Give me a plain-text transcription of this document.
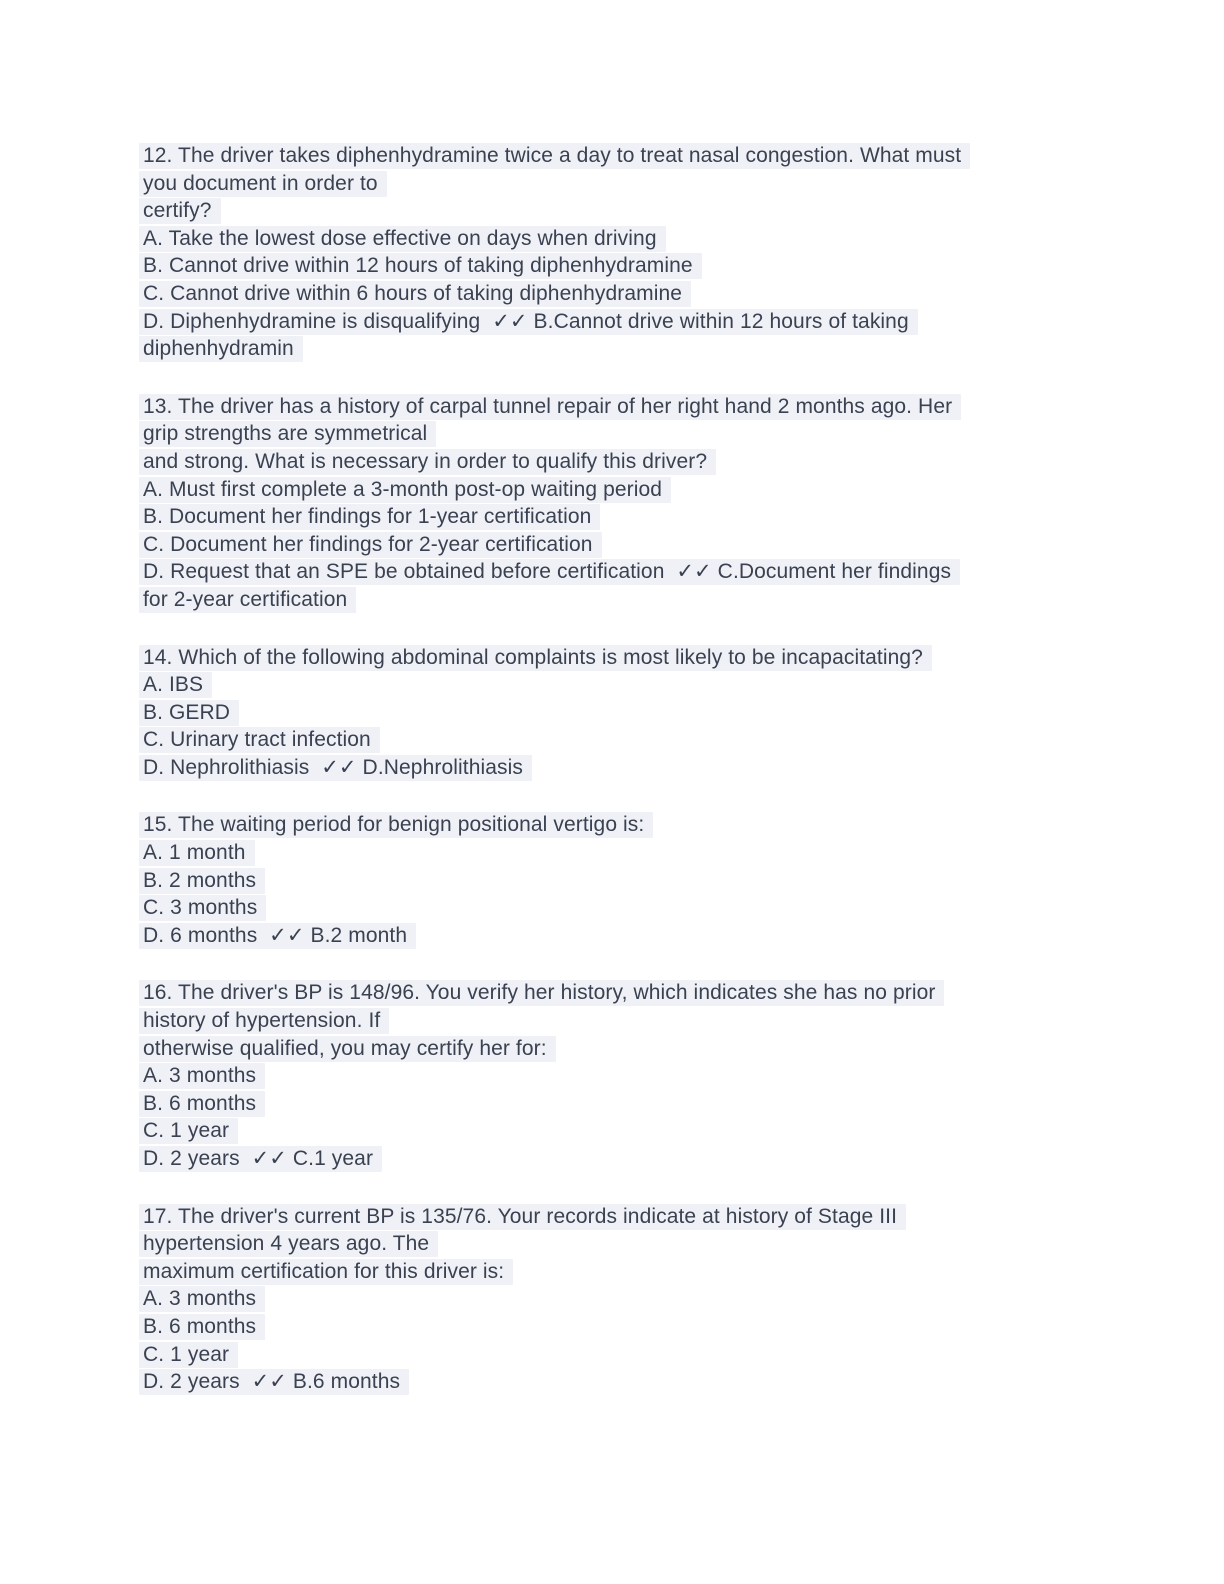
12. The driver takes diphenhydramine twice a day to treat nasal congestion. What must
you document in order to
certify?
A. Take the lowest dose effective on days when driving
B. Cannot drive within 12 hours of taking diphenhydramine
C. Cannot drive within 6 hours of taking diphenhydramine
D. Diphenhydramine is disqualifying  ✓✓ B.Cannot drive within 12 hours of taking
diphenhydramin
13. The driver has a history of carpal tunnel repair of her right hand 2 months ago. Her
grip strengths are symmetrical
and strong. What is necessary in order to qualify this driver?
A. Must first complete a 3-month post-op waiting period
B. Document her findings for 1-year certification
C. Document her findings for 2-year certification
D. Request that an SPE be obtained before certification  ✓✓ C.Document her findings
for 2-year certification
14. Which of the following abdominal complaints is most likely to be incapacitating?
A. IBS
B. GERD
C. Urinary tract infection
D. Nephrolithiasis  ✓✓ D.Nephrolithiasis
15. The waiting period for benign positional vertigo is:
A. 1 month
B. 2 months
C. 3 months
D. 6 months  ✓✓ B.2 month
16. The driver's BP is 148/96. You verify her history, which indicates she has no prior
history of hypertension. If
otherwise qualified, you may certify her for:
A. 3 months
B. 6 months
C. 1 year
D. 2 years  ✓✓ C.1 year
17. The driver's current BP is 135/76. Your records indicate at history of Stage III
hypertension 4 years ago. The
maximum certification for this driver is:
A. 3 months
B. 6 months
C. 1 year
D. 2 years  ✓✓ B.6 months
